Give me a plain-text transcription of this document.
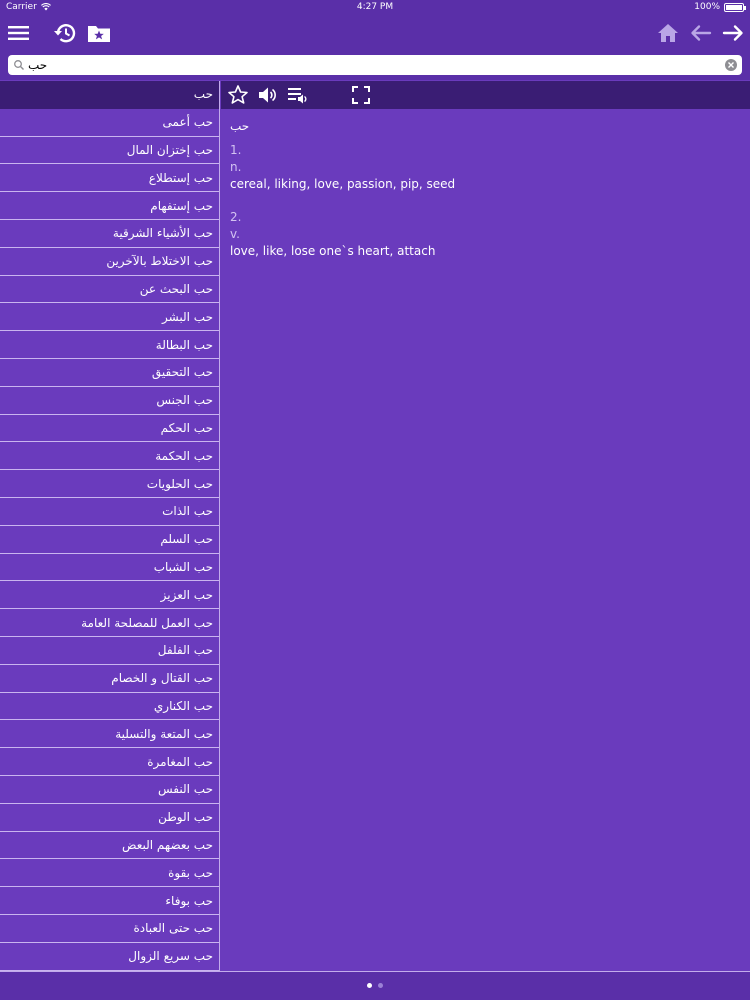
Carrier	4:27 PM	100%
حب
حب
حب أعمى
حب إختزان المال
حب إستطلاع
حب إستفهام
حب الأشياء الشرقية
حب الاختلاط بالآخرين
حب البحث عن
حب البشر
حب البطالة
حب التحقيق
حب الجنس
حب الحكم
حب الحكمة
حب الحلويات
حب الذات
حب السلم
حب الشباب
حب العزيز
حب العمل للمصلحة العامة
حب الفلفل
حب القتال و الخصام
حب الكناري
حب المتعة والتسلية
حب المغامرة
حب النفس
حب الوطن
حب بعضهم البعض
حب بقوة
حب بوفاء
حب حتى العبادة
حب سريع الزوال
حب
1.
n.
cereal, liking, love, passion, pip, seed
2.
v.
love, like, lose one`s heart, attach
